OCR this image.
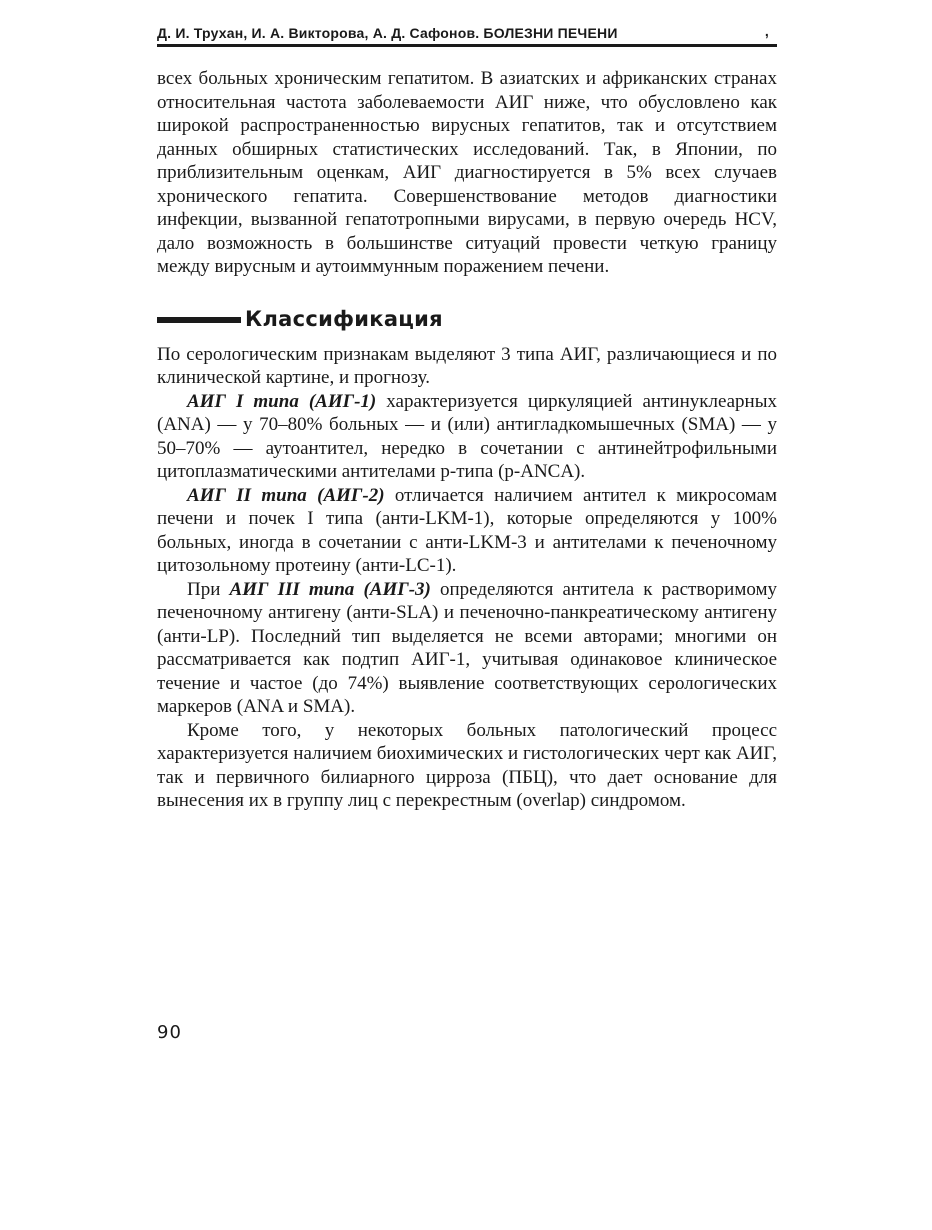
Д. И. Трухан, И. А. Викторова, А. Д. Сафонов. БОЛЕЗНИ ПЕЧЕНИ	,

всех больных хроническим гепатитом. В азиатских и африканских странах относительная частота заболеваемости АИГ ниже, что обусловлено как широкой распространенностью вирусных гепатитов, так и отсутствием данных обширных статистических исследований. Так, в Японии, по приблизительным оценкам, АИГ диагностируется в 5% всех случаев хронического гепатита. Совершенствование методов диагностики инфекции, вызванной гепатотропными вирусами, в первую очередь HCV, дало возможность в большинстве ситуаций провести четкую границу между вирусным и аутоиммунным поражением печени.

Классификация

По серологическим признакам выделяют 3 типа АИГ, различающиеся и по клинической картине, и прогнозу.

АИГ I типа (АИГ-1) характеризуется циркуляцией антинуклеарных (ANA) — у 70–80% больных — и (или) антигладкомышечных (SMA) — у 50–70% — аутоантител, нередко в сочетании с антинейтрофильными цитоплазматическими антителами р-типа (p-ANCA).

АИГ II типа (АИГ-2) отличается наличием антител к микросомам печени и почек I типа (анти-LKM-1), которые определяются у 100% больных, иногда в сочетании с анти-LKM-3 и антителами к печеночному цитозольному протеину (анти-LC-1).

При АИГ III типа (АИГ-3) определяются антитела к растворимому печеночному антигену (анти-SLA) и печеночно-панкреатическому антигену (анти-LP). Последний тип выделяется не всеми авторами; многими он рассматривается как подтип АИГ-1, учитывая одинаковое клиническое течение и частое (до 74%) выявление соответствующих серологических маркеров (ANA и SMA).

Кроме того, у некоторых больных патологический процесс характеризуется наличием биохимических и гистологических черт как АИГ, так и первичного билиарного цирроза (ПБЦ), что дает основание для вынесения их в группу лиц с перекрестным (overlap) синдромом.

90
